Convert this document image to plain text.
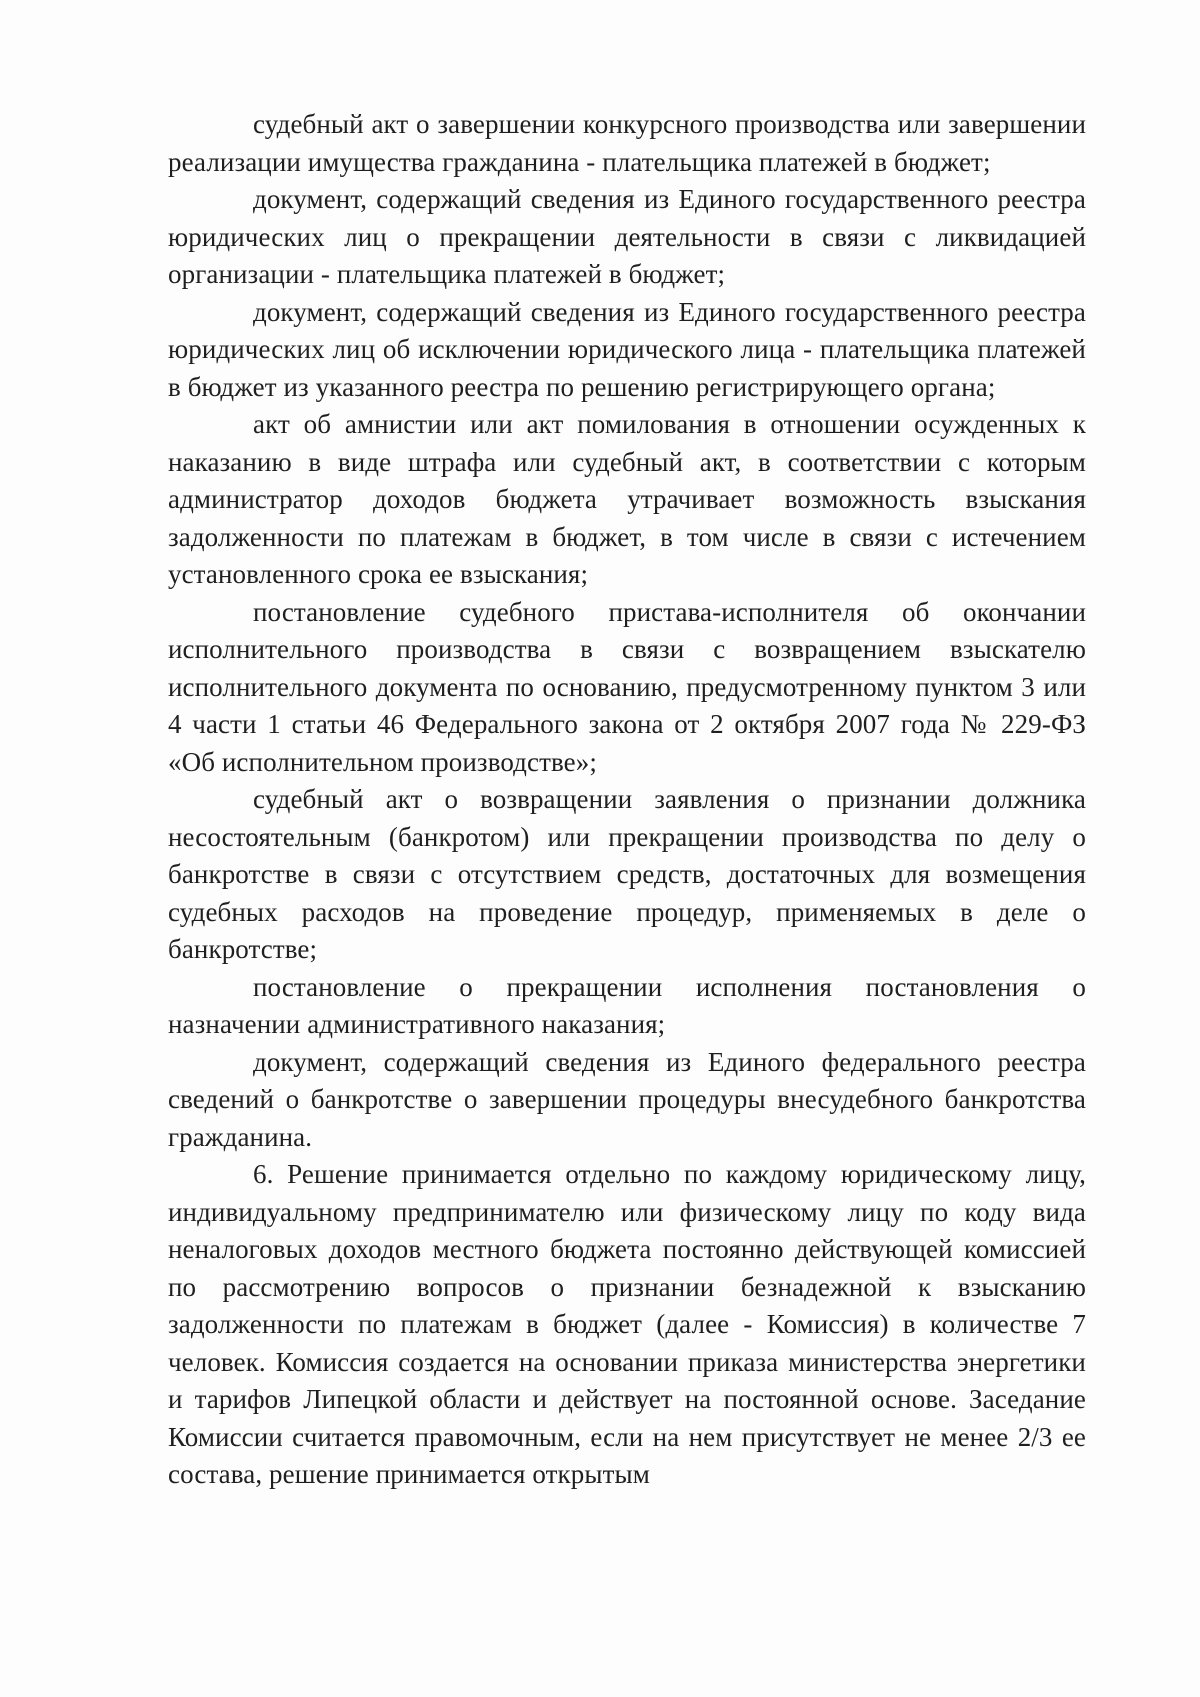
судебный акт о завершении конкурсного производства или завершении реализации имущества гражданина - плательщика платежей в бюджет;

документ, содержащий сведения из Единого государственного реестра юридических лиц о прекращении деятельности в связи с ликвидацией организации - плательщика платежей в бюджет;

документ, содержащий сведения из Единого государственного реестра юридических лиц об исключении юридического лица - плательщика платежей в бюджет из указанного реестра по решению регистрирующего органа;

акт об амнистии или акт помилования в отношении осужденных к наказанию в виде штрафа или судебный акт, в соответствии с которым администратор доходов бюджета утрачивает возможность взыскания задолженности по платежам в бюджет, в том числе в связи с истечением установленного срока ее взыскания;

постановление судебного пристава-исполнителя об окончании исполнительного производства в связи с возвращением взыскателю исполнительного документа по основанию, предусмотренному пунктом 3 или 4 части 1 статьи 46 Федерального закона от 2 октября 2007 года № 229-ФЗ «Об исполнительном производстве»;

судебный акт о возвращении заявления о признании должника несостоятельным (банкротом) или прекращении производства по делу о банкротстве в связи с отсутствием средств, достаточных для возмещения судебных расходов на проведение процедур, применяемых в деле о банкротстве;

постановление о прекращении исполнения постановления о назначении административного наказания;

документ, содержащий сведения из Единого федерального реестра сведений о банкротстве о завершении процедуры внесудебного банкротства гражданина.

6. Решение принимается отдельно по каждому юридическому лицу, индивидуальному предпринимателю или физическому лицу по коду вида неналоговых доходов местного бюджета постоянно действующей комиссией по рассмотрению вопросов о признании безнадежной к взысканию задолженности по платежам в бюджет (далее - Комиссия) в количестве 7 человек. Комиссия создается на основании приказа министерства энергетики и тарифов Липецкой области и действует на постоянной основе. Заседание Комиссии считается правомочным, если на нем присутствует не менее 2/3 ее состава, решение принимается открытым
